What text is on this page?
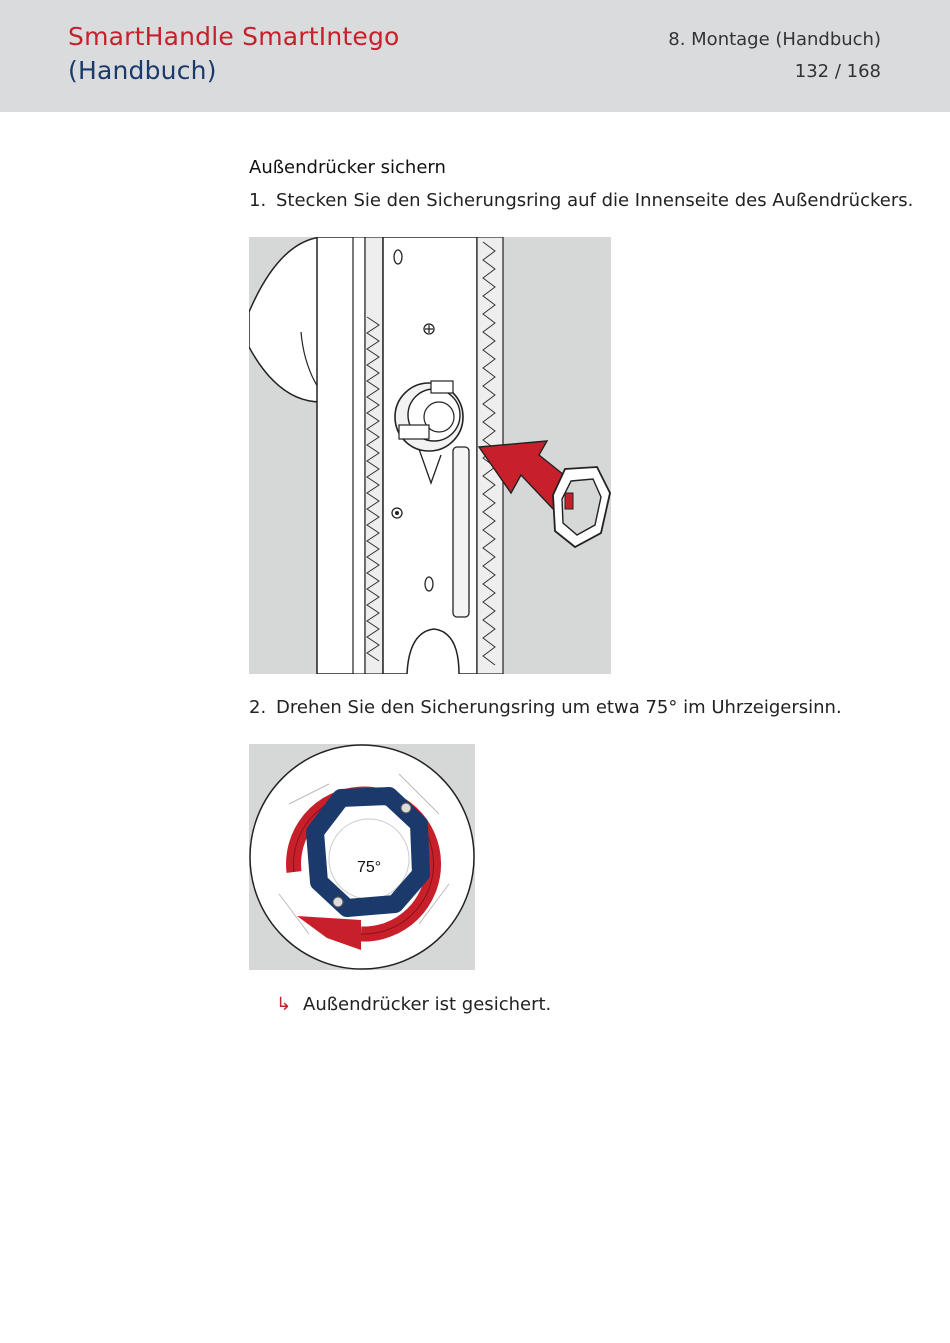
SmartHandle SmartIntego
(Handbuch)
8. Montage (Handbuch)
132 / 168
Außendrücker sichern
1. Stecken Sie den Sicherungsring auf die Innenseite des Außendrückers.
2. Drehen Sie den Sicherungsring um etwa 75° im Uhrzeigersinn.
75°
↳ Außendrücker ist gesichert.
